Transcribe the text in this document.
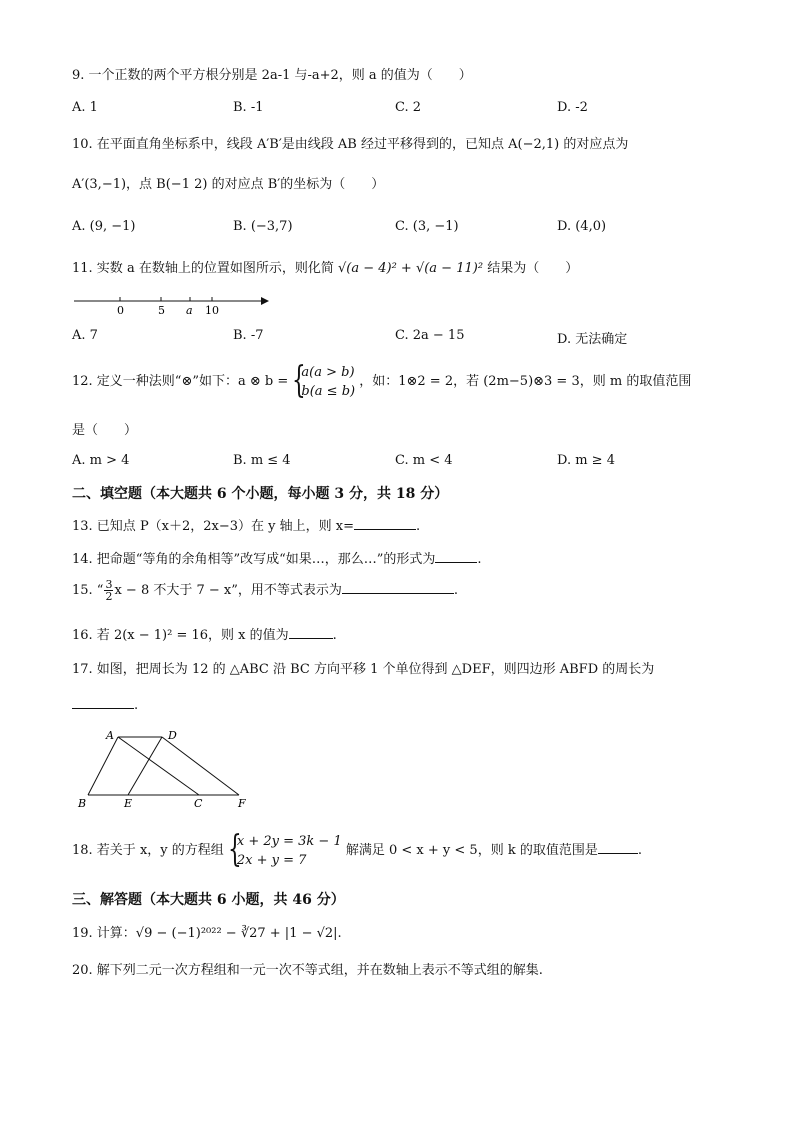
9. 一个正数的两个平方根分别是 2a-1 与-a+2，则 a 的值为（　　）
A. 1	B. -1	C. 2	D. -2
10. 在平面直角坐标系中，线段 A′B′是由线段 AB 经过平移得到的，已知点 A(−2,1) 的对应点为
A′(3,−1)，点 B(−1 2) 的对应点 B′的坐标为（　　）
A. (9, −1)	B. (−3,7)	C. (3, −1)	D. (4,0)
11. 实数 a 在数轴上的位置如图所示，则化简 √(a − 4)² + √(a − 11)² 结果为（　　）
0	5 a 10
A. 7	B. -7	C. 2a − 15	D. 无法确定
12. 定义一种法则“⊗”如下：a ⊗ b = {
a(a > b)
b(a ≤ b)
，如：1⊗2 = 2，若 (2m−5)⊗3 = 3，则 m 的取值范围
是（　　）
A. m > 4	B. m ≤ 4	C. m < 4	D. m ≥ 4
二、填空题（本大题共 6 个小题，每小题 3 分，共 18 分）
13. 已知点 P（x＋2，2x−3）在 y 轴上，则 x=	.
14. 把命题“等角的余角相等”改写成“如果…，那么…”的形式为	.
15. “ $\frac{3}{2}$ x − 8 不大于 7 − x”，用不等式表示为	.
16. 若 2(x − 1)² = 16，则 x 的值为	.
17. 如图，把周长为 12 的 △ABC 沿 BC 方向平移 1 个单位得到 △DEF，则四边形 ABFD 的周长为
.
A	D
B	E	C	F
18. 若关于 x，y 的方程组 {
x + 2y = 3k − 1
2x + y = 7
解满足 0 < x + y < 5，则 k 的取值范围是	.
三、解答题（本大题共 6 小题，共 46 分）
19. 计算：√9 − (−1)²⁰²² − ∛27 + |1 − √2|.
20. 解下列二元一次方程组和一元一次不等式组，并在数轴上表示不等式组的解集.
